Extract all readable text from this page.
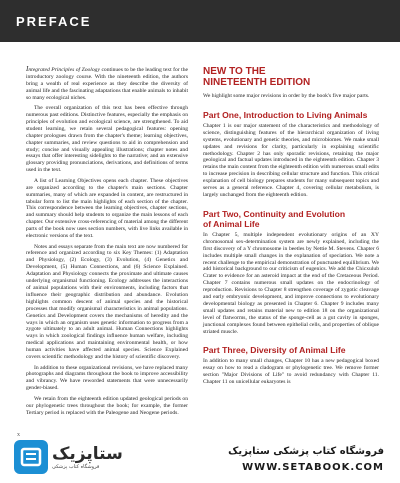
PREFACE

Integrated Principles of Zoology continues to be the leading text for the introductory zoology course. With the nineteenth edition, the authors bring a wealth of real experience as they describe the diversity of animal life and the fascinating adaptations that enable animals to inhabit so many ecological niches.

The overall organization of this text has been effective through numerous past editions. Distinctive features, especially the emphasis on principles of evolution and ecological science, are strengthened. To aid student learning, we retain several pedagogical features: opening chapter prologues drawn from the chapter's theme; learning objectives, chapter summaries, and review questions to aid in comprehension and study; concise and visually appealing illustrations; chapter notes and essays that offer interesting sidelights to the narrative; and an extensive glossary providing pronunciations, derivations, and definitions of terms used in the text.

A list of Learning Objectives opens each chapter. These objectives are organized according to the chapter's main sections. Chapter summaries, many of which are expanded in content, are restructured in tabular form to list the main highlights of each section of the chapter. This correspondence between the learning objectives, chapter sections, and summary should help students to organize the main lessons of each chapter. Our extensive cross-referencing of material among the different parts of the book now uses section numbers, with live links available in electronic versions of the text.

Notes and essays separate from the main text are now numbered for reference and organized according to six Key Themes: (1) Adaptation and Physiology, (2) Ecology, (3) Evolution, (4) Genetics and Development, (5) Human Connections, and (6) Science Explained. Adaptation and Physiology connects the proximate and ultimate causes underlying organismal functioning. Ecology addresses the interactions of animal populations with their environments, including factors that influence their geographic distribution and abundance. Evolution highlights common descent of animal species and the historical processes that modify organismal characteristics in animal populations. Genetics and Development covers the mechanisms of heredity and the ways in which an organism uses genetic information to progress from a zygote ultimately to an adult animal. Human Connections highlights ways in which zoological findings influence human welfare, including medical applications and maintaining environmental health, or how human activities have affected animal species. Science Explained covers scientific methodology and the history of scientific discovery.

In addition to these organizational revisions, we have replaced many photographs and diagrams throughout the book to improve accessibility and vibrancy. We have reworded statements that were unnecessarily gender-biased.

We retain from the eighteenth edition updated geological periods on our phylogenetic trees throughout the book; for example, the former Tertiary period is replaced with the Paleogene and Neogene periods.

NEW TO THE
NINETEENTH EDITION

We highlight some major revisions in order by the book's five major parts.

Part One, Introduction to Living Animals

Chapter 1 is our major statement of the characteristics and methodology of science, distinguishing features of the hierarchical organization of living systems, evolutionary and genetic theories, and microbiomes. We make small updates and revisions for clarity, particularly in explaining scientific methodology. Chapter 2 has only sporadic revisions, retaining the major geological and factual updates introduced in the eighteenth edition. Chapter 3 retains the main content from the eighteenth edition with numerous small edits to increase precision in describing cellular structure and function. This critical explanation of cell biology prepares students for many subsequent topics and serves as a general reference. Chapter 4, covering cellular metabolism, is largely unchanged from the eighteenth edition.

Part Two, Continuity and Evolution
of Animal Life

In Chapter 5, multiple independent evolutionary origins of an XY chromosomal sex-determination system are newly explained, including the first discovery of a Y chromosome in beetles by Nettie M. Stevens. Chapter 6 includes multiple small changes in the explanation of speciation. We note a recent challenge to the empirical demonstration of punctuated equilibrium. We add historical background to our criticism of eugenics. We add the Chicxulub Crater to evidence for an asteroid impact at the end of the Cretaceous Period. Chapter 7 contains numerous small updates on the endocrinology of reproduction. Revisions to Chapter 8 strengthen coverage of zygotic cleavage and early embryonic development, and improve connections to evolutionary developmental biology as presented in Chapter 6. Chapter 9 includes many small updates and retains material new to edition 18 on the organizational level of flatworms, the status of the sponge-cell as a gut cavity in sponges, junctional complexes found between epithelial cells, and properties of oblique striated muscle.

Part Three, Diversity of Animal Life

In addition to many small changes, Chapter 10 has a new pedagogical boxed essay on how to read a cladogram or phylogenetic tree. We remove former section "Major Divisions of Life" to avoid redundancy with Chapter 11. Chapter 11 on unicellular eukaryotes is

x
ستاپزیک
فروشگاه کتاب پزشکی
فروشگاه کتاب پزشکی ستاپزیک
WWW.SETABOOK.COM
